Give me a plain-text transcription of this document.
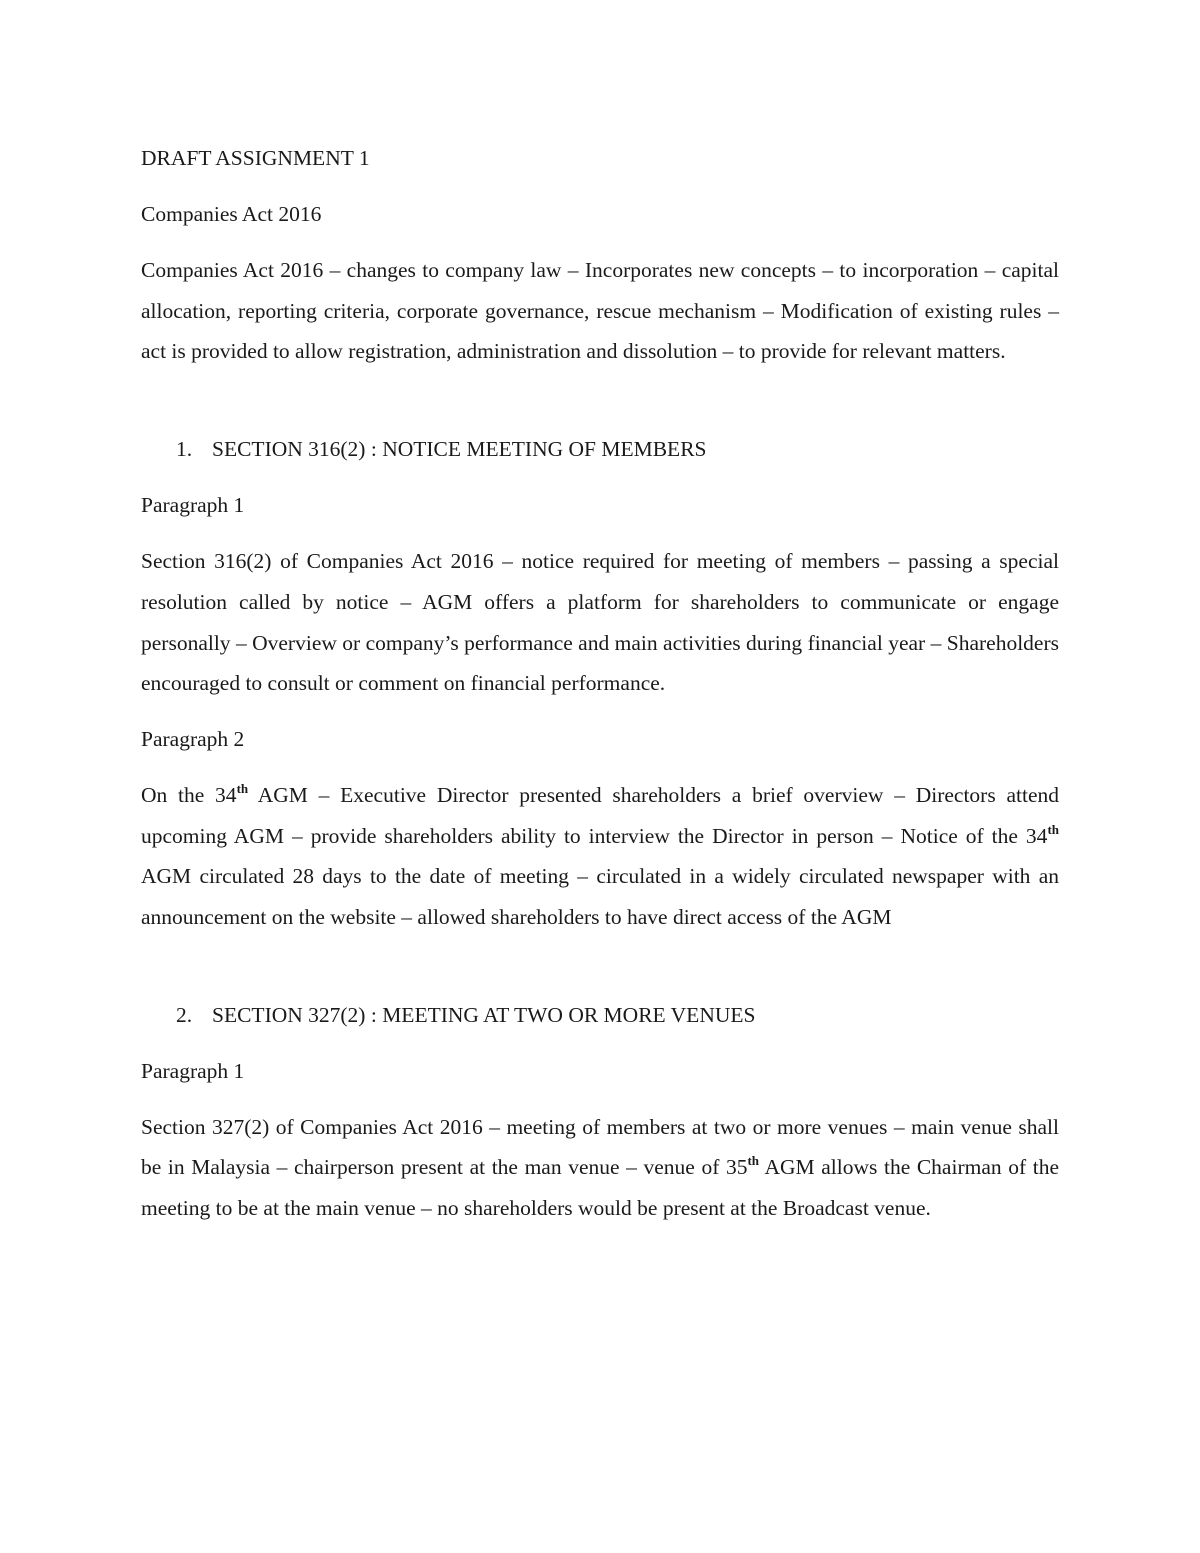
DRAFT ASSIGNMENT 1

Companies Act 2016

Companies Act 2016 – changes to company law – Incorporates new concepts – to incorporation – capital allocation, reporting criteria, corporate governance, rescue mechanism – Modification of existing rules – act is provided to allow registration, administration and dissolution – to provide for relevant matters.

1. SECTION 316(2) : NOTICE MEETING OF MEMBERS

Paragraph 1

Section 316(2) of Companies Act 2016 – notice required for meeting of members – passing a special resolution called by notice – AGM offers a platform for shareholders to communicate or engage personally – Overview or company’s performance and main activities during financial year – Shareholders encouraged to consult or comment on financial performance.

Paragraph 2

On the 34th AGM – Executive Director presented shareholders a brief overview – Directors attend upcoming AGM – provide shareholders ability to interview the Director in person – Notice of the 34th AGM circulated 28 days to the date of meeting – circulated in a widely circulated newspaper with an announcement on the website – allowed shareholders to have direct access of the AGM

2. SECTION 327(2) : MEETING AT TWO OR MORE VENUES

Paragraph 1

Section 327(2) of Companies Act 2016 – meeting of members at two or more venues – main venue shall be in Malaysia – chairperson present at the man venue – venue of 35th AGM allows the Chairman of the meeting to be at the main venue – no shareholders would be present at the Broadcast venue.
